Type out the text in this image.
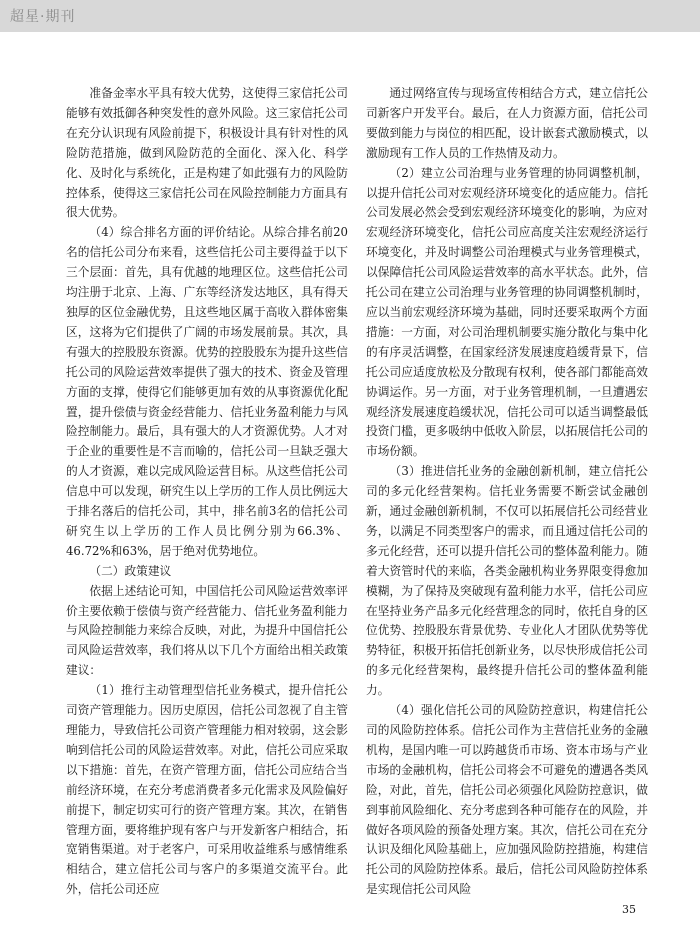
超星·期刊

准备金率水平具有较大优势，这使得三家信托公司能够有效抵御各种突发性的意外风险。这三家信托公司在充分认识现有风险前提下，积极设计具有针对性的风险防范措施，做到风险防范的全面化、深入化、科学化、及时化与系统化，正是构建了如此强有力的风险防控体系，使得这三家信托公司在风险控制能力方面具有很大优势。

（4）综合排名方面的评价结论。从综合排名前20名的信托公司分布来看，这些信托公司主要得益于以下三个层面：首先，具有优越的地理区位。这些信托公司均注册于北京、上海、广东等经济发达地区，具有得天独厚的区位金融优势，且这些地区属于高收入群体密集区，这将为它们提供了广阔的市场发展前景。其次，具有强大的控股股东资源。优势的控股股东为提升这些信托公司的风险运营效率提供了强大的技术、资金及管理方面的支撑，使得它们能够更加有效的从事资源优化配置，提升偿债与资金经营能力、信托业务盈利能力与风险控制能力。最后，具有强大的人才资源优势。人才对于企业的重要性是不言而喻的，信托公司一旦缺乏强大的人才资源，难以完成风险运营目标。从这些信托公司信息中可以发现，研究生以上学历的工作人员比例远大于排名落后的信托公司，其中，排名前3名的信托公司研究生以上学历的工作人员比例分别为66.3%、46.72%和63%，居于绝对优势地位。

（二）政策建议

依据上述结论可知，中国信托公司风险运营效率评价主要依赖于偿债与资产经营能力、信托业务盈利能力与风险控制能力来综合反映，对此，为提升中国信托公司风险运营效率，我们将从以下几个方面给出相关政策建议：

（1）推行主动管理型信托业务模式，提升信托公司资产管理能力。因历史原因，信托公司忽视了自主管理能力，导致信托公司资产管理能力相对较弱，这会影响到信托公司的风险运营效率。对此，信托公司应采取以下措施：首先，在资产管理方面，信托公司应结合当前经济环境，在充分考虑消费者多元化需求及风险偏好前提下，制定切实可行的资产管理方案。其次，在销售管理方面，要将维护现有客户与开发新客户相结合，拓宽销售渠道。对于老客户，可采用收益维系与感情维系相结合，建立信托公司与客户的多渠道交流平台。此外，信托公司还应

通过网络宣传与现场宣传相结合方式，建立信托公司新客户开发平台。最后，在人力资源方面，信托公司要做到能力与岗位的相匹配，设计嵌套式激励模式，以激励现有工作人员的工作热情及动力。

（2）建立公司治理与业务管理的协同调整机制，以提升信托公司对宏观经济环境变化的适应能力。信托公司发展必然会受到宏观经济环境变化的影响，为应对宏观经济环境变化，信托公司应高度关注宏观经济运行环境变化，并及时调整公司治理模式与业务管理模式，以保障信托公司风险运营效率的高水平状态。此外，信托公司在建立公司治理与业务管理的协同调整机制时，应以当前宏观经济环境为基础，同时还要采取两个方面措施：一方面，对公司治理机制要实施分散化与集中化的有序灵活调整，在国家经济发展速度趋缓背景下，信托公司应适度放松及分散现有权利，使各部门都能高效协调运作。另一方面，对于业务管理机制，一旦遭遇宏观经济发展速度趋缓状况，信托公司可以适当调整最低投资门槛，更多吸纳中低收入阶层，以拓展信托公司的市场份额。

（3）推进信托业务的金融创新机制，建立信托公司的多元化经营架构。信托业务需要不断尝试金融创新，通过金融创新机制，不仅可以拓展信托公司经营业务，以满足不同类型客户的需求，而且通过信托公司的多元化经营，还可以提升信托公司的整体盈利能力。随着大资管时代的来临，各类金融机构业务界限变得愈加模糊，为了保持及突破现有盈利能力水平，信托公司应在坚持业务产品多元化经营理念的同时，依托自身的区位优势、控股股东背景优势、专业化人才团队优势等优势特征，积极开拓信托创新业务，以尽快形成信托公司的多元化经营架构，最终提升信托公司的整体盈利能力。

（4）强化信托公司的风险防控意识，构建信托公司的风险防控体系。信托公司作为主营信托业务的金融机构，是国内唯一可以跨越货币市场、资本市场与产业市场的金融机构，信托公司将会不可避免的遭遇各类风险，对此，首先，信托公司必须强化风险防控意识，做到事前风险细化、充分考虑到各种可能存在的风险，并做好各项风险的预备处理方案。其次，信托公司在充分认识及细化风险基础上，应加强风险防控措施，构建信托公司的风险防控体系。最后，信托公司风险防控体系是实现信托公司风险

35
